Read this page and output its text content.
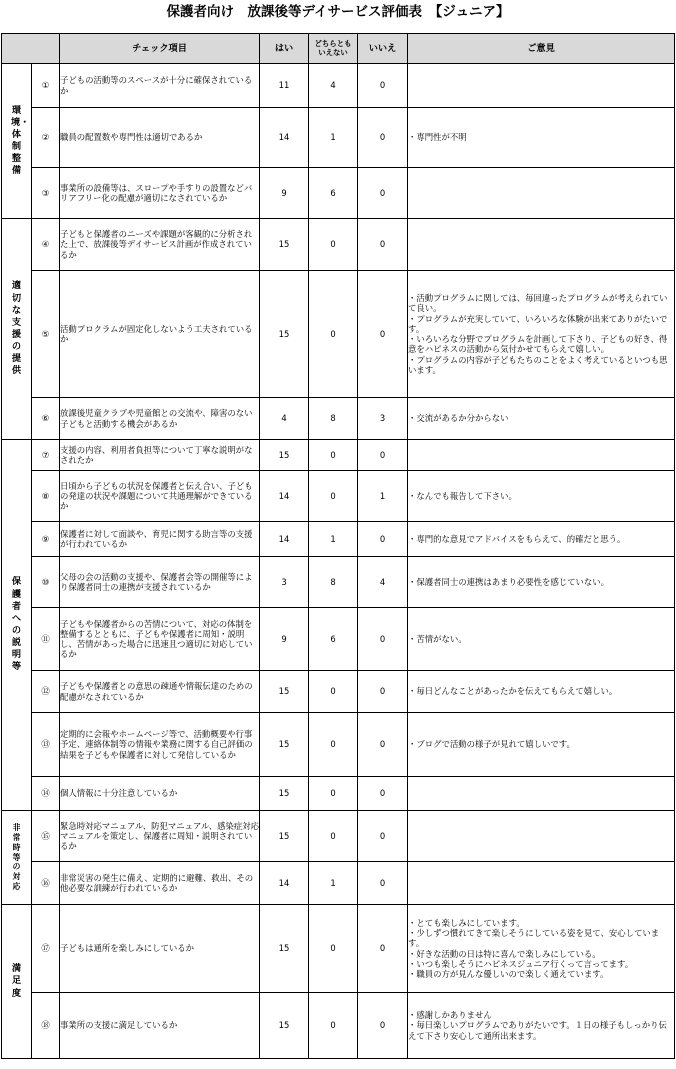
保護者向け　放課後等デイサービス評価表　【ジュニア】
		チェック項目	はい	どちらとも
いえない	いいえ	ご意見
環境・体制整備	①	子どもの活動等のスペースが十分に確保されているか	11	4	0	
	②	職員の配置数や専門性は適切であるか	14	1	0	・専門性が不明

	③	事業所の設備等は、スロープや手すりの設置などバリアフリー化の配慮が適切になされているか	9	6	0	
適切な支援の提供	④	子どもと保護者のニーズや課題が客観的に分析された上で、放課後等デイサービス計画が作成されているか	15	0	0	
	⑤	活動プロクラムが固定化しないよう工夫されているか	15	0	0	・活動プログラムに関しては、毎回違ったプログラムが考えられていて良い。
・プログラムが充実していて、いろいろな体験が出来てありがたいです。
・いろいろな分野でプログラムを計画して下さり、子どもの好き、得意をハピネスの活動から気付かせてもらえて嬉しい。
・プログラムの内容が子どもたちのことをよく考えているといつも思います。

	⑥	放課後児童クラブや児童館との交流や、障害のない子どもと活動する機会があるか	4	8	3	・交流があるか分からない

保護者への説明等	⑦	支援の内容、利用者負担等について丁寧な説明がなされたか	15	0	0	
	⑧	日頃から子どもの状況を保護者と伝え合い、子どもの発達の状況や課題について共通理解ができているか	14	0	1	・なんでも報告して下さい。

	⑨	保護者に対して面談や、育児に関する助言等の支援が行われているか	14	1	0	・専門的な意見でアドバイスをもらえて、的確だと思う。

	⑩	父母の会の活動の支援や、保護者会等の開催等により保護者同士の連携が支援されているか	3	8	4	・保護者同士の連携はあまり必要性を感じていない。

	⑪	子どもや保護者からの苦情について、対応の体制を整備するとともに、子どもや保護者に周知・説明し、苦情があった場合に迅速且つ適切に対応しているか	9	6	0	・苦情がない。

	⑫	子どもや保護者との意思の疎通や情報伝達のための配慮がなされているか	15	0	0	・毎日どんなことがあったかを伝えてもらえて嬉しい。

	⑬	定期的に会報やホームページ等で、活動概要や行事予定、連絡体制等の情報や業務に関する自己評価の結果を子どもや保護者に対して発信しているか	15	0	0	・ブログで活動の様子が見れて嬉しいです。

	⑭	個人情報に十分注意しているか	15	0	0	
非常時等の対応	⑮	緊急時対応マニュアル、防犯マニュアル、感染症対応マニュアルを策定し、保護者に周知・説明されているか	15	0	0	
	⑯	非常災害の発生に備え、定期的に避難、救出、その他必要な訓練が行われているか	14	1	0	
満足度	⑰	子どもは通所を楽しみにしているか	15	0	0	・とても楽しみにしています。
・少しずつ慣れてきて楽しそうにしている姿を見て、安心しています。
・好きな活動の日は特に喜んで楽しみにしている。
・いつも楽しそうにハピネスジュニア行くって言ってます。
・職員の方が見んな優しいので楽しく通えています。

	⑱	事業所の支援に満足しているか	15	0	0	・感謝しかありません
・毎日楽しいプログラムでありがたいです。１日の様子もしっかり伝えて下さり安心して通所出来ます。
